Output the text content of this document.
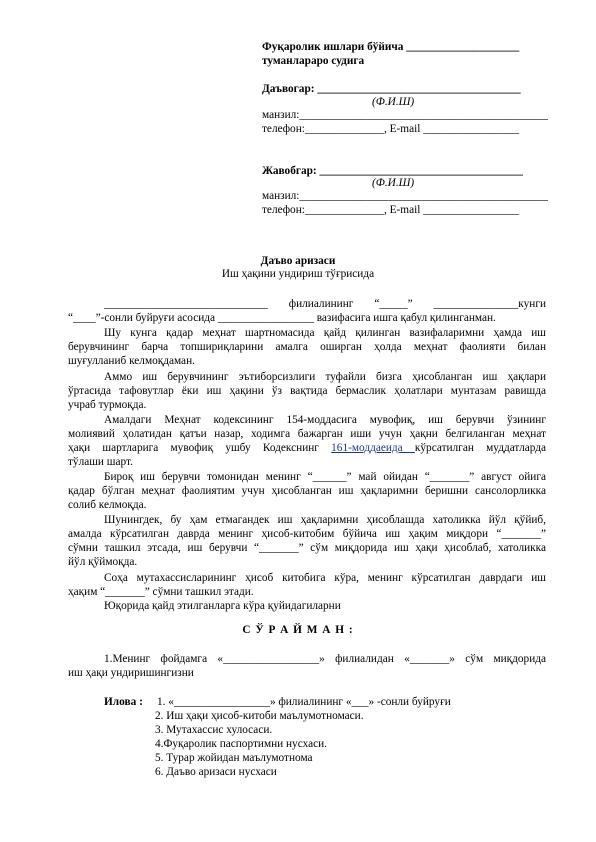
Фуқаролик ишлари бўйича ____________________
туманлараро судига
Даъвогар: ____________________________________
(Ф.И.Ш)
манзил:____________________________________________
телефон:______________, E-mail _________________
Жавобгар: ____________________________________
(Ф.И.Ш)
манзил:____________________________________________
телефон:______________, E-mail _________________
Даъво аризаси
Иш ҳақини ундириш тўғрисида
_____________________________ филиалининг “_____” _______________кунги
“____”-сонли буйруғи асосида _________________ вазифасига ишга қабул қилинганман.
Шу кунга қадар меҳнат шартномасида қайд қилинган вазифаларимни ҳамда иш
берувчининг барча топшириқларини амалга оширган ҳолда меҳнат фаолияти билан
шуғулланиб келмоқдаман.
Аммо иш берувчининг эътиборсизлиги туфайли бизга ҳисобланган иш ҳақлари
ўртасида тафовутлар ёки иш ҳақини ўз вақтида бермаслик ҳолатлари мунтазам равишда
учраб турмоқда.
Амалдаги Меҳнат кодексининг 154-моддасига мувофиқ, иш берувчи ўзининг
молиявий ҳолатидан қатъи назар, ходимга бажарган иши учун ҳақни белгиланган меҳнат
ҳақи шартларига мувофиқ ушбу Кодекснинг 161-моддаеида кўрсатилган муддатларда
тўлаши шарт.
Бироқ иш берувчи томонидан менинг “______” май ойидан “_______” август ойига
қадар бўлган меҳнат фаолиятим учун ҳисобланган иш ҳақларимни беришни сансолорликка
солиб келмоқда.
Шунингдек, бу ҳам етмагандек иш ҳақларимни ҳисоблашда хатоликка йўл қўйиб,
амалда кўрсатилган даврда менинг ҳисоб-китобим бўйича иш ҳақим миқдори “_______”
сўмни ташкил этсада, иш берувчи “_______” сўм миқдорида иш ҳақи ҳисоблаб, хатоликка
йўл қўймоқда.
Соҳа мутахассисларининг ҳисоб китобига кўра, менинг кўрсатилган даврдаги иш
ҳақим “_______” сўмни ташкил этади.
Юқорида қайд этилганларга кўра қуйидагиларни
С Ў Р А Й М А Н :
1.Менинг фойдамга «_________________» филиалидан «_______» сўм миқдорида
иш ҳақи ундиришингизни
Илова : 1. «_________________» филиалининг «___» -сонли буйруғи
2. Иш ҳақи ҳисоб-китоби маълумотномаси.
3. Мутахассис хулосаси.
4.Фуқаролик паспортимни нусхаси.
5. Турар жойидан маълумотнома
6. Даъво аризаси нусхаси
